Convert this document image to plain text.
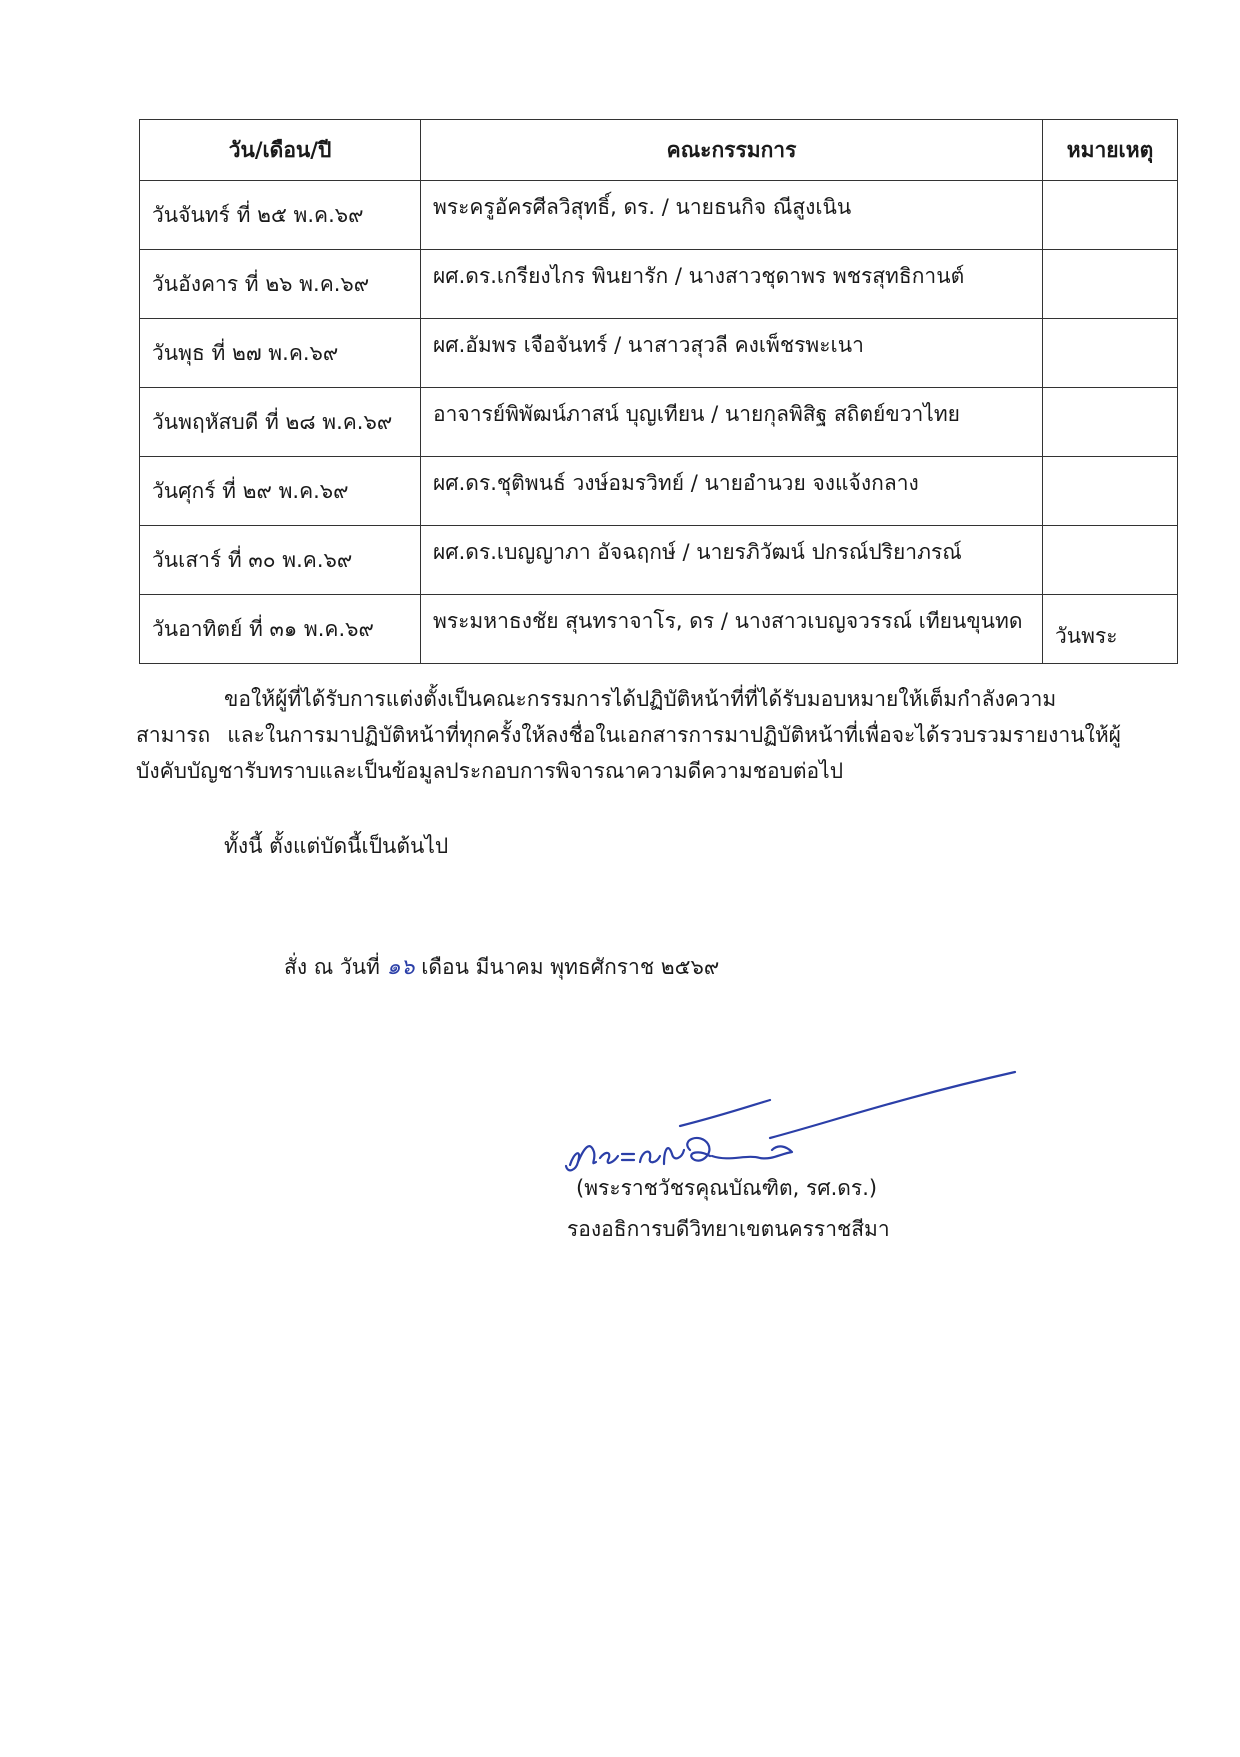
วัน/เดือน/ปี	คณะกรรมการ	หมายเหตุ
วันจันทร์ ที่ ๒๕ พ.ค.๖๙	พระครูอัครศีลวิสุทธิ์, ดร. / นายธนกิจ ณีสูงเนิน	
วันอังคาร ที่ ๒๖ พ.ค.๖๙	ผศ.ดร.เกรียงไกร พินยารัก / นางสาวชุดาพร พชรสุทธิกานต์	
วันพุธ ที่ ๒๗ พ.ค.๖๙	ผศ.อัมพร เจือจันทร์ / นาสาวสุวลี คงเพ็ชรพะเนา	
วันพฤหัสบดี ที่ ๒๘ พ.ค.๖๙	อาจารย์พิพัฒน์ภาสน์ บุญเทียน / นายกุลพิสิฐ สถิตย์ขวาไทย	
วันศุกร์ ที่ ๒๙ พ.ค.๖๙	ผศ.ดร.ชุติพนธ์ วงษ์อมรวิทย์ / นายอำนวย จงแจ้งกลาง	
วันเสาร์ ที่ ๓๐ พ.ค.๖๙	ผศ.ดร.เบญญาภา อัจฉฤกษ์ / นายรภิวัฒน์ ปกรณ์ปริยาภรณ์	
วันอาทิตย์ ที่ ๓๑ พ.ค.๖๙	พระมหาธงชัย สุนทราจาโร, ดร / นางสาวเบญจวรรณ์ เทียนขุนทด	วันพระ

ขอให้ผู้ที่ได้รับการแต่งตั้งเป็นคณะกรรมการได้ปฏิบัติหน้าที่ที่ได้รับมอบหมายให้เต็มกำลังความสามารถ และในการมาปฏิบัติหน้าที่ทุกครั้งให้ลงชื่อในเอกสารการมาปฏิบัติหน้าที่เพื่อจะได้รวบรวมรายงานให้ผู้บังคับบัญชารับทราบและเป็นข้อมูลประกอบการพิจารณาความดีความชอบต่อไป

ทั้งนี้ ตั้งแต่บัดนี้เป็นต้นไป

สั่ง ณ วันที่ ๑๖ เดือน มีนาคม พุทธศักราช ๒๕๖๙

(พระราชวัชรคุณบัณฑิต, รศ.ดร.)

รองอธิการบดีวิทยาเขตนครราชสีมา
